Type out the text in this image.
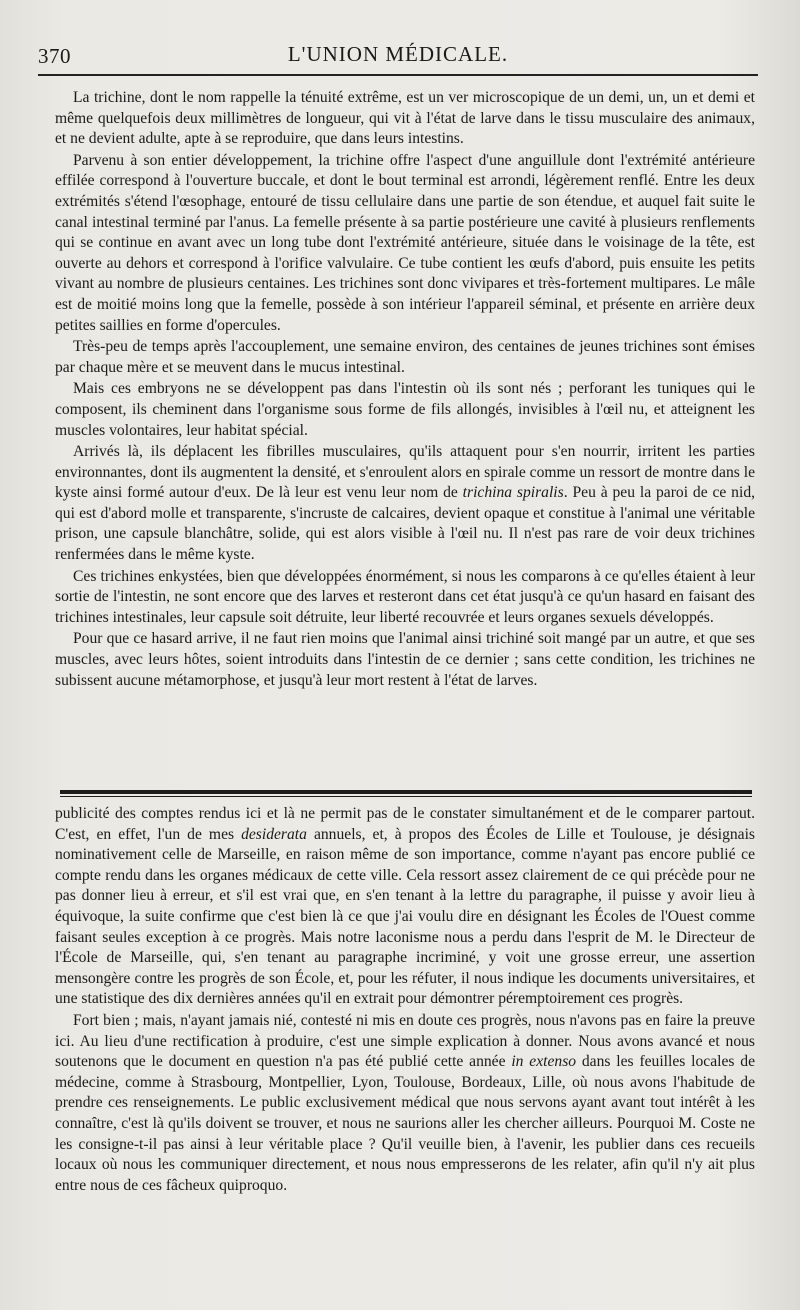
370	L'UNION MÉDICALE.

La trichine, dont le nom rappelle la ténuité extrême, est un ver microscopique de un demi, un, un et demi et même quelquefois deux millimètres de longueur, qui vit à l'état de larve dans le tissu musculaire des animaux, et ne devient adulte, apte à se reproduire, que dans leurs intestins.

Parvenu à son entier développement, la trichine offre l'aspect d'une anguillule dont l'extrémité antérieure effilée correspond à l'ouverture buccale, et dont le bout terminal est arrondi, légèrement renflé. Entre les deux extrémités s'étend l'œsophage, entouré de tissu cellulaire dans une partie de son étendue, et auquel fait suite le canal intestinal terminé par l'anus. La femelle présente à sa partie postérieure une cavité à plusieurs renflements qui se continue en avant avec un long tube dont l'extrémité antérieure, située dans le voisinage de la tête, est ouverte au dehors et correspond à l'orifice valvulaire. Ce tube contient les œufs d'abord, puis ensuite les petits vivant au nombre de plusieurs centaines. Les trichines sont donc vivipares et très-fortement multipares. Le mâle est de moitié moins long que la femelle, possède à son intérieur l'appareil séminal, et présente en arrière deux petites saillies en forme d'opercules.

Très-peu de temps après l'accouplement, une semaine environ, des centaines de jeunes trichines sont émises par chaque mère et se meuvent dans le mucus intestinal.

Mais ces embryons ne se développent pas dans l'intestin où ils sont nés ; perforant les tuniques qui le composent, ils cheminent dans l'organisme sous forme de fils allongés, invisibles à l'œil nu, et atteignent les muscles volontaires, leur habitat spécial.

Arrivés là, ils déplacent les fibrilles musculaires, qu'ils attaquent pour s'en nourrir, irritent les parties environnantes, dont ils augmentent la densité, et s'enroulent alors en spirale comme un ressort de montre dans le kyste ainsi formé autour d'eux. De là leur est venu leur nom de trichina spiralis. Peu à peu la paroi de ce nid, qui est d'abord molle et transparente, s'incruste de calcaires, devient opaque et constitue à l'animal une véritable prison, une capsule blanchâtre, solide, qui est alors visible à l'œil nu. Il n'est pas rare de voir deux trichines renfermées dans le même kyste.

Ces trichines enkystées, bien que développées énormément, si nous les comparons à ce qu'elles étaient à leur sortie de l'intestin, ne sont encore que des larves et resteront dans cet état jusqu'à ce qu'un hasard en faisant des trichines intestinales, leur capsule soit détruite, leur liberté recouvrée et leurs organes sexuels développés.

Pour que ce hasard arrive, il ne faut rien moins que l'animal ainsi trichiné soit mangé par un autre, et que ses muscles, avec leurs hôtes, soient introduits dans l'intestin de ce dernier ; sans cette condition, les trichines ne subissent aucune métamorphose, et jusqu'à leur mort restent à l'état de larves.

publicité des comptes rendus ici et là ne permit pas de le constater simultanément et de le comparer partout. C'est, en effet, l'un de mes desiderata annuels, et, à propos des Écoles de Lille et Toulouse, je désignais nominativement celle de Marseille, en raison même de son importance, comme n'ayant pas encore publié ce compte rendu dans les organes médicaux de cette ville. Cela ressort assez clairement de ce qui précède pour ne pas donner lieu à erreur, et s'il est vrai que, en s'en tenant à la lettre du paragraphe, il puisse y avoir lieu à équivoque, la suite confirme que c'est bien là ce que j'ai voulu dire en désignant les Écoles de l'Ouest comme faisant seules exception à ce progrès. Mais notre laconisme nous a perdu dans l'esprit de M. le Directeur de l'École de Marseille, qui, s'en tenant au paragraphe incriminé, y voit une grosse erreur, une assertion mensongère contre les progrès de son École, et, pour les réfuter, il nous indique les documents universitaires, et une statistique des dix dernières années qu'il en extrait pour démontrer péremptoirement ces progrès.

Fort bien ; mais, n'ayant jamais nié, contesté ni mis en doute ces progrès, nous n'avons pas en faire la preuve ici. Au lieu d'une rectification à produire, c'est une simple explication à donner. Nous avons avancé et nous soutenons que le document en question n'a pas été publié cette année in extenso dans les feuilles locales de médecine, comme à Strasbourg, Montpellier, Lyon, Toulouse, Bordeaux, Lille, où nous avons l'habitude de prendre ces renseignements. Le public exclusivement médical que nous servons ayant avant tout intérêt à les connaître, c'est là qu'ils doivent se trouver, et nous ne saurions aller les chercher ailleurs. Pourquoi M. Coste ne les consigne-t-il pas ainsi à leur véritable place ? Qu'il veuille bien, à l'avenir, les publier dans ces recueils locaux où nous les communiquer directement, et nous nous empresserons de les relater, afin qu'il n'y ait plus entre nous de ces fâcheux quiproquo.
